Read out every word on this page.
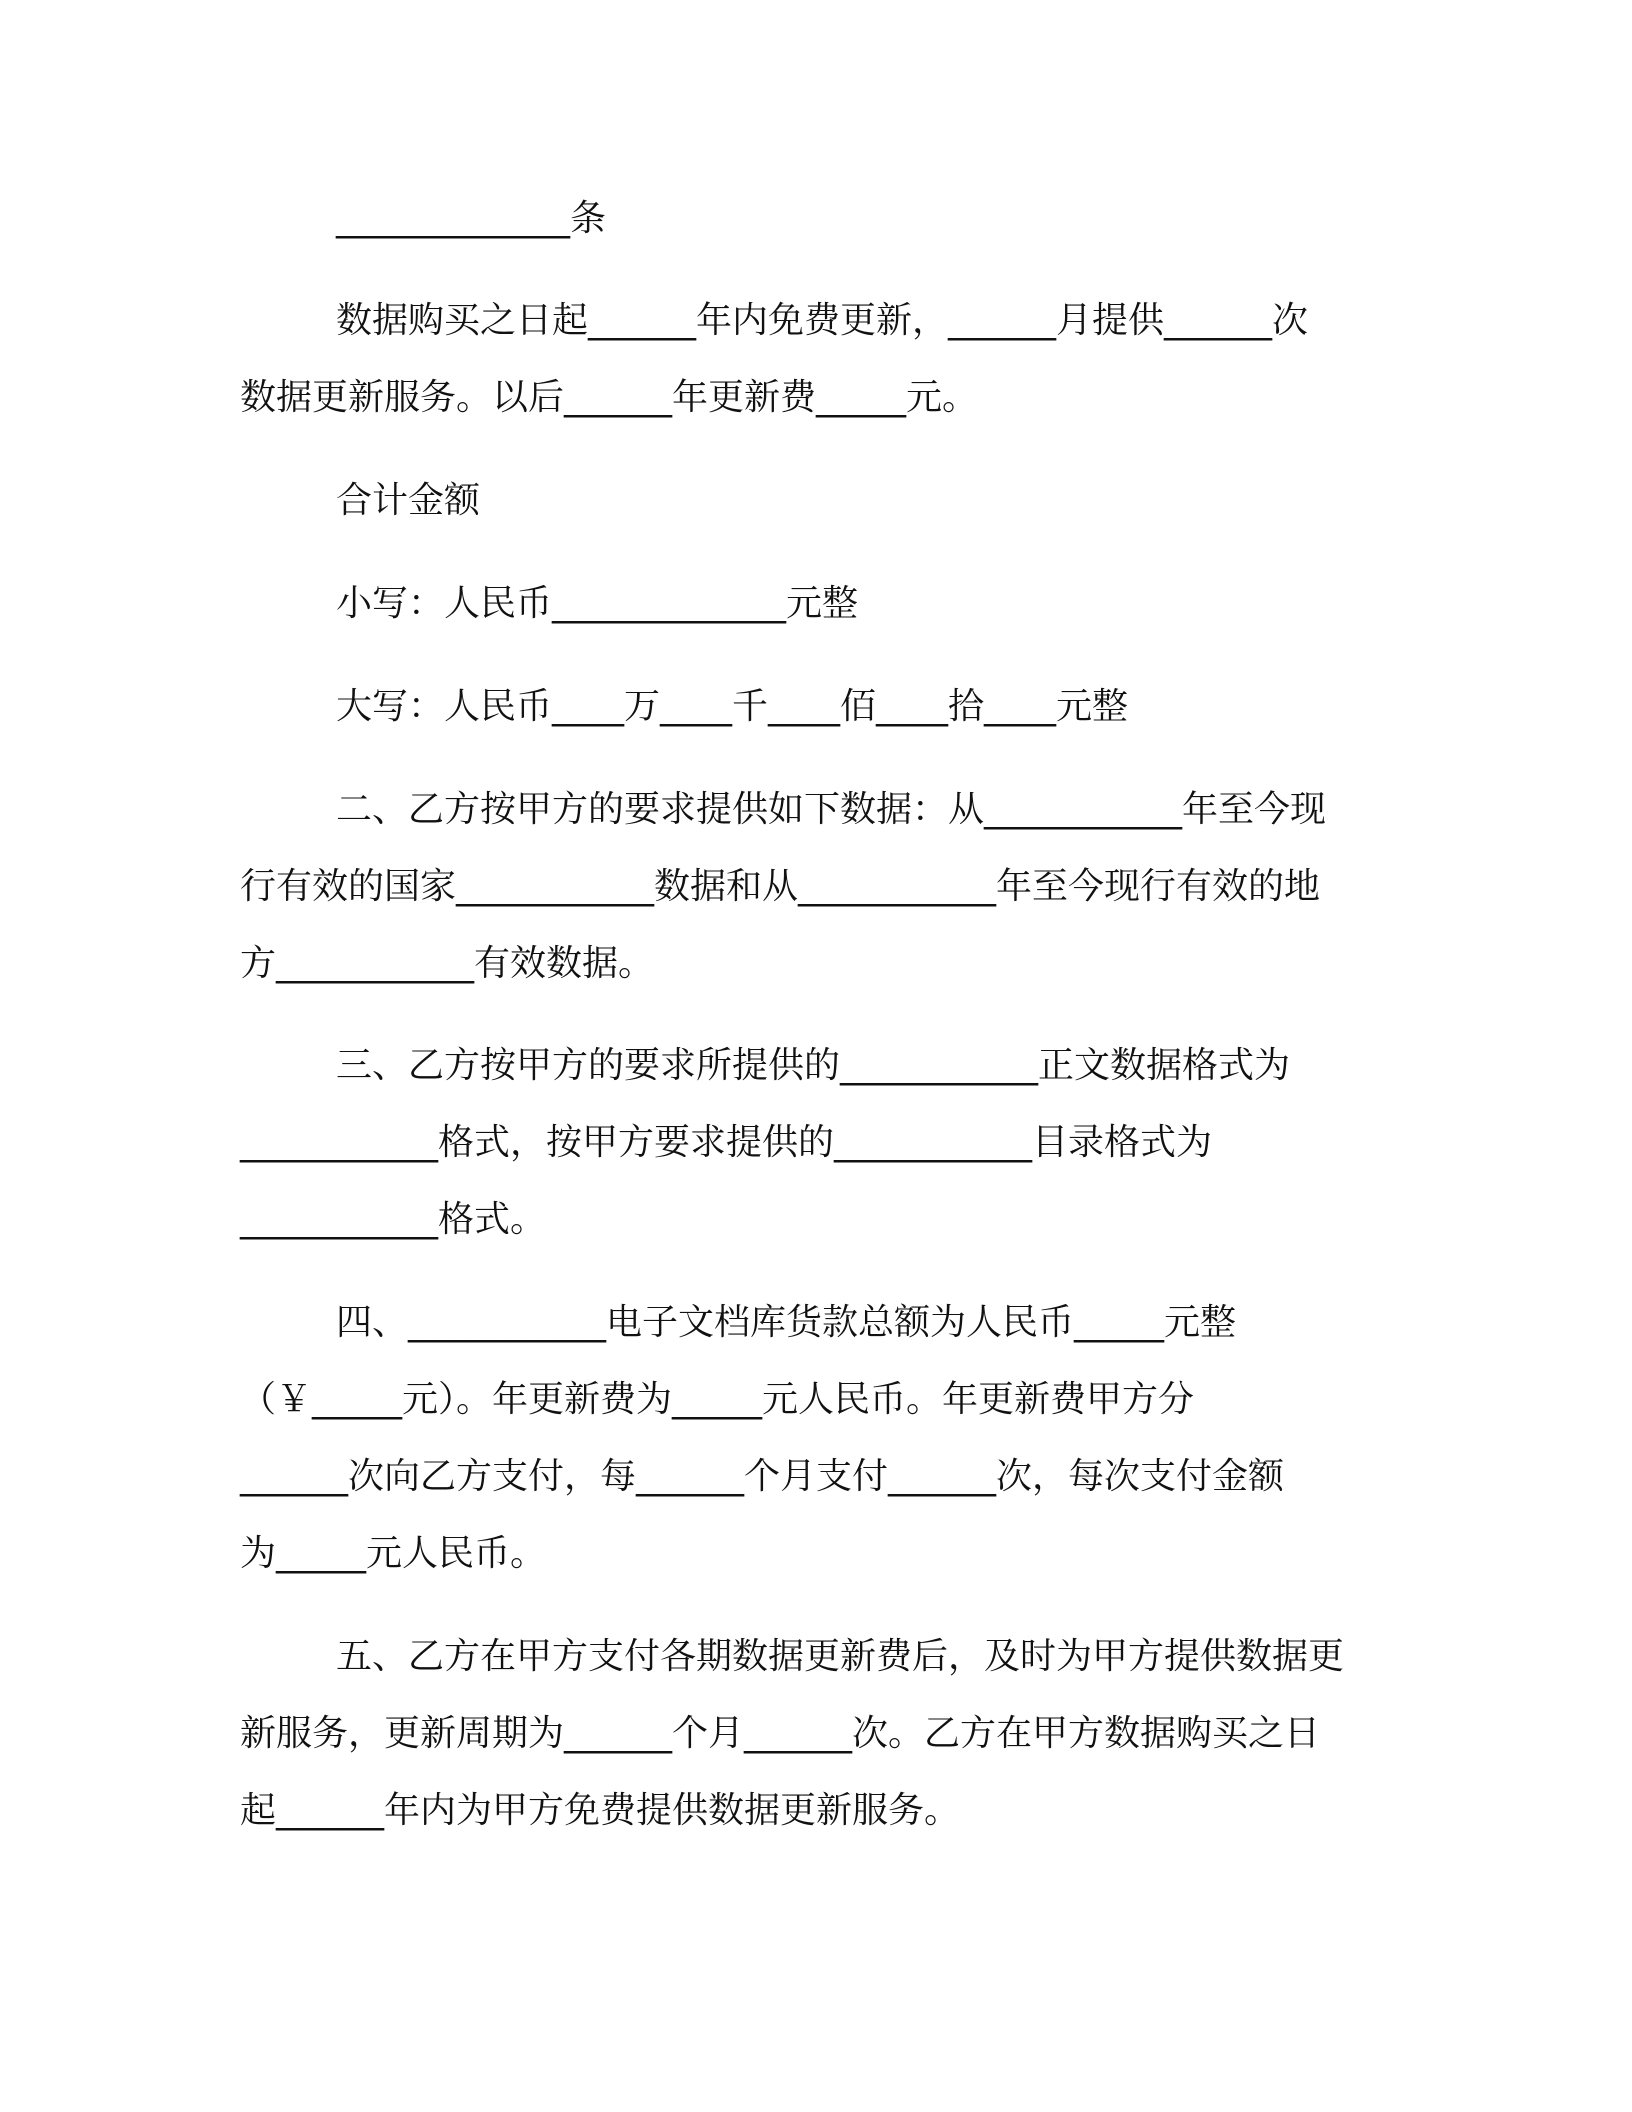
_____________条

数据购买之日起______年内免费更新，______月提供______次
数据更新服务。以后______年更新费_____元。

合计金额

小写：人民币_____________元整

大写：人民币____万____千____佰____拾____元整

二、乙方按甲方的要求提供如下数据：从___________年至今现
行有效的国家___________数据和从___________年至今现行有效的地
方___________有效数据。

三、乙方按甲方的要求所提供的___________正文数据格式为
___________格式，按甲方要求提供的___________目录格式为
___________格式。

四、___________电子文档库货款总额为人民币_____元整
（￥_____元）。年更新费为_____元人民币。年更新费甲方分
______次向乙方支付，每______个月支付______次，每次支付金额
为_____元人民币。

五、乙方在甲方支付各期数据更新费后，及时为甲方提供数据更
新服务，更新周期为______个月______次。乙方在甲方数据购买之日
起______年内为甲方免费提供数据更新服务。
